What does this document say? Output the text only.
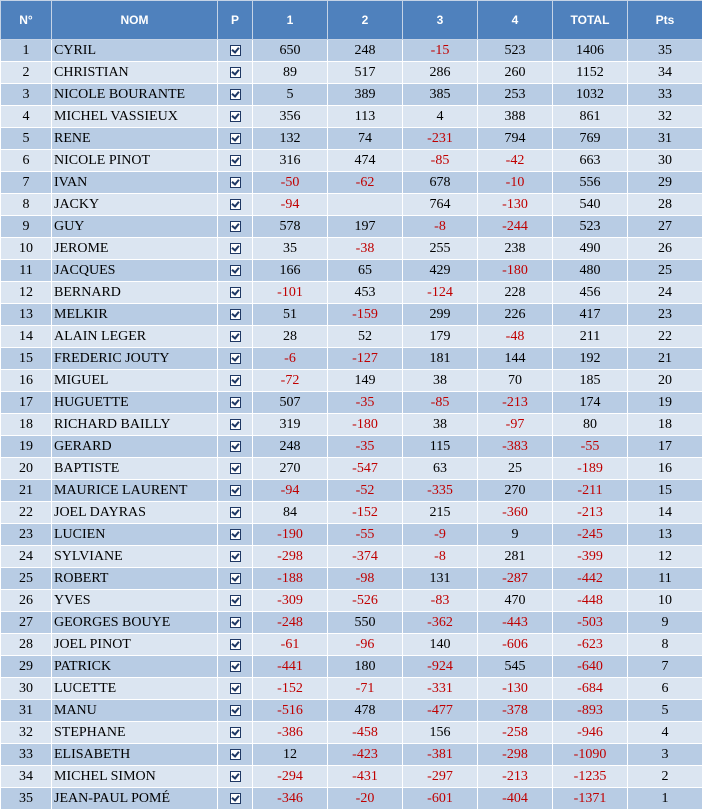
N°	NOM	P	1	2	3	4	TOTAL	Pts
1	CYRIL		650	248	-15	523	1406	35
2	CHRISTIAN		89	517	286	260	1152	34
3	NICOLE BOURANTE		5	389	385	253	1032	33
4	MICHEL VASSIEUX		356	113	4	388	861	32
5	RENE		132	74	-231	794	769	31
6	NICOLE PINOT		316	474	-85	-42	663	30
7	IVAN		-50	-62	678	-10	556	29
8	JACKY		-94		764	-130	540	28
9	GUY		578	197	-8	-244	523	27
10	JEROME		35	-38	255	238	490	26
11	JACQUES		166	65	429	-180	480	25
12	BERNARD		-101	453	-124	228	456	24
13	MELKIR		51	-159	299	226	417	23
14	ALAIN LEGER		28	52	179	-48	211	22
15	FREDERIC JOUTY		-6	-127	181	144	192	21
16	MIGUEL		-72	149	38	70	185	20
17	HUGUETTE		507	-35	-85	-213	174	19
18	RICHARD BAILLY		319	-180	38	-97	80	18
19	GERARD		248	-35	115	-383	-55	17
20	BAPTISTE		270	-547	63	25	-189	16
21	MAURICE LAURENT		-94	-52	-335	270	-211	15
22	JOEL DAYRAS		84	-152	215	-360	-213	14
23	LUCIEN		-190	-55	-9	9	-245	13
24	SYLVIANE		-298	-374	-8	281	-399	12
25	ROBERT		-188	-98	131	-287	-442	11
26	YVES		-309	-526	-83	470	-448	10
27	GEORGES BOUYE		-248	550	-362	-443	-503	9
28	JOEL PINOT		-61	-96	140	-606	-623	8
29	PATRICK		-441	180	-924	545	-640	7
30	LUCETTE		-152	-71	-331	-130	-684	6
31	MANU		-516	478	-477	-378	-893	5
32	STEPHANE		-386	-458	156	-258	-946	4
33	ELISABETH		12	-423	-381	-298	-1090	3
34	MICHEL SIMON		-294	-431	-297	-213	-1235	2
35	JEAN-PAUL POMÉ		-346	-20	-601	-404	-1371	1
